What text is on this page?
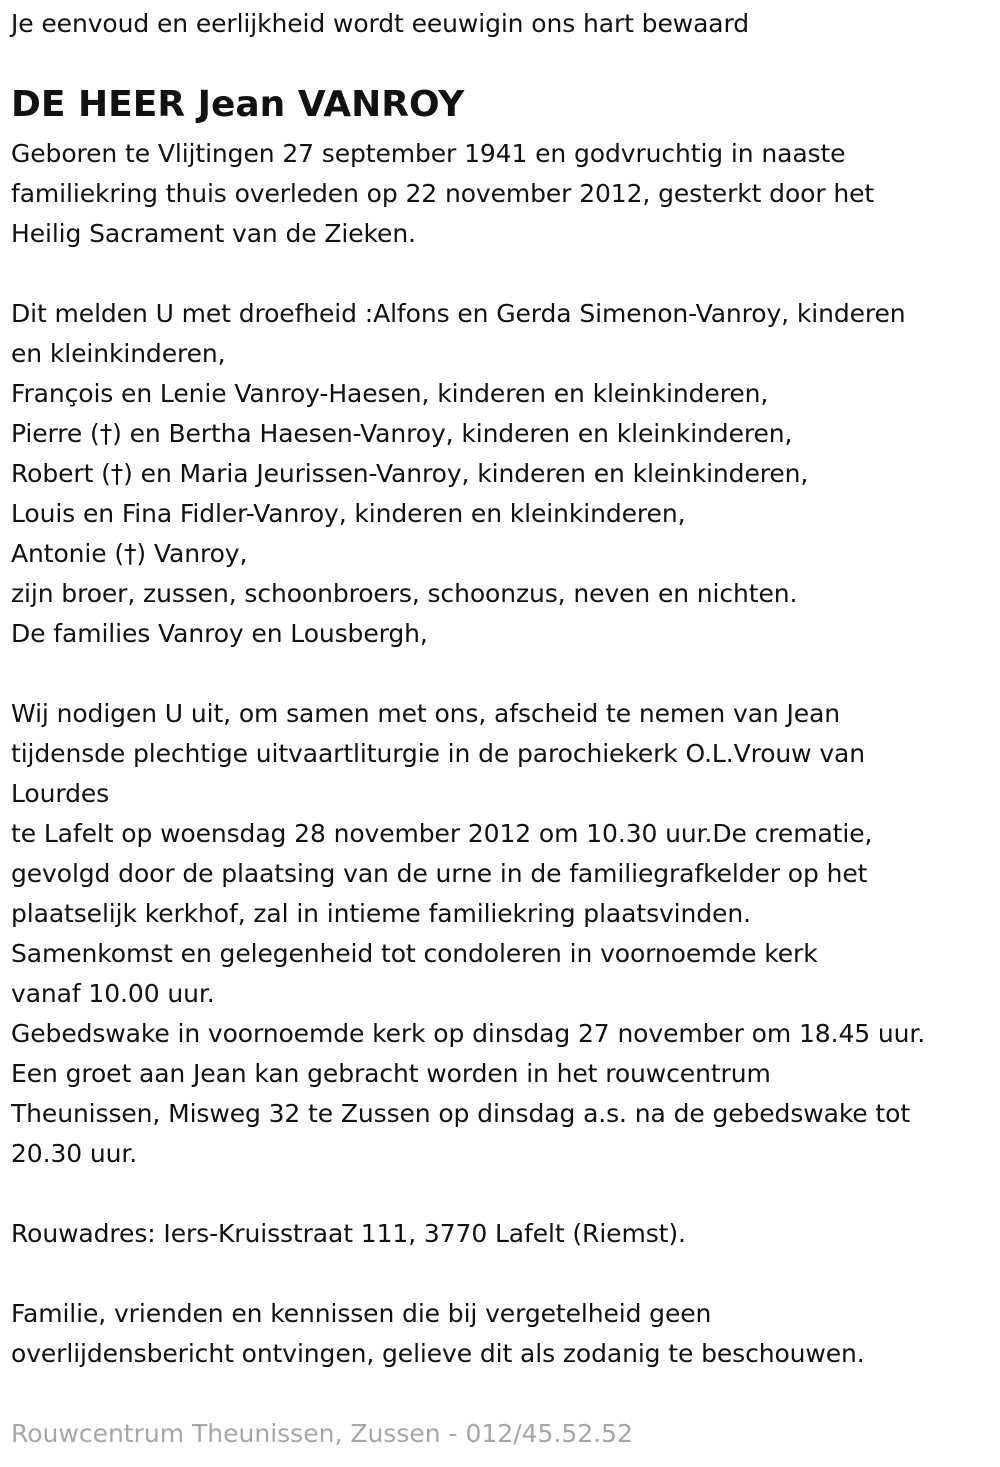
Je eenvoud en eerlijkheid wordt eeuwigin ons hart bewaard
DE HEER Jean VANROY
Geboren te Vlijtingen 27 september 1941 en godvruchtig in naaste
familiekring thuis overleden op 22 november 2012, gesterkt door het
Heilig Sacrament van de Zieken.
Dit melden U met droefheid :Alfons en Gerda Simenon-Vanroy, kinderen
en kleinkinderen,
François en Lenie Vanroy-Haesen, kinderen en kleinkinderen,
Pierre (†) en Bertha Haesen-Vanroy, kinderen en kleinkinderen,
Robert (†) en Maria Jeurissen-Vanroy, kinderen en kleinkinderen,
Louis en Fina Fidler-Vanroy, kinderen en kleinkinderen,
Antonie (†) Vanroy,
zijn broer, zussen, schoonbroers, schoonzus, neven en nichten.
De families Vanroy en Lousbergh,
Wij nodigen U uit, om samen met ons, afscheid te nemen van Jean
tijdensde plechtige uitvaartliturgie in de parochiekerk O.L.Vrouw van
Lourdes
te Lafelt op woensdag 28 november 2012 om 10.30 uur.De crematie,
gevolgd door de plaatsing van de urne in de familiegrafkelder op het
plaatselijk kerkhof, zal in intieme familiekring plaatsvinden.
Samenkomst en gelegenheid tot condoleren in voornoemde kerk
vanaf 10.00 uur.
Gebedswake in voornoemde kerk op dinsdag 27 november om 18.45 uur.
Een groet aan Jean kan gebracht worden in het rouwcentrum
Theunissen, Misweg 32 te Zussen op dinsdag a.s. na de gebedswake tot
20.30 uur.
Rouwadres: Iers-Kruisstraat 111, 3770 Lafelt (Riemst).
Familie, vrienden en kennissen die bij vergetelheid geen
overlijdensbericht ontvingen, gelieve dit als zodanig te beschouwen.
Rouwcentrum Theunissen, Zussen - 012/45.52.52
